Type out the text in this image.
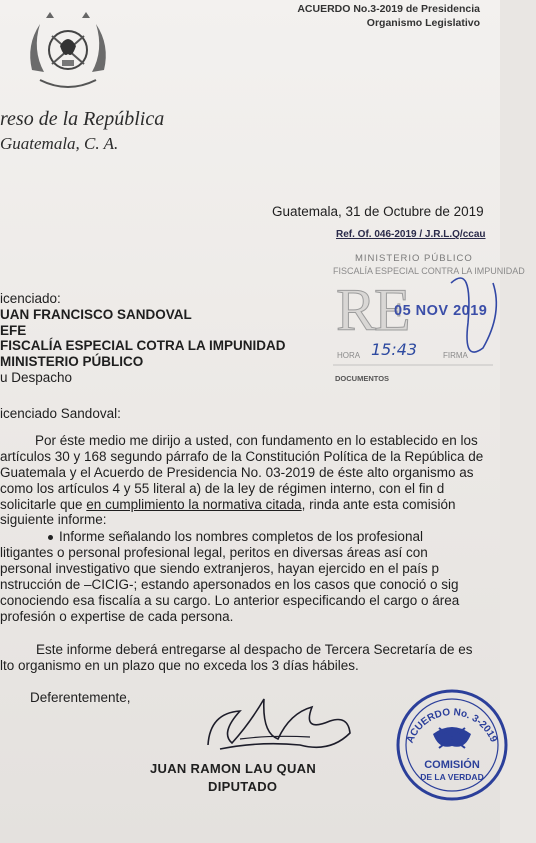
reso de la República
Guatemala, C. A.
ACUERDO No.3-2019 de Presidencia
Organismo Legislativo
Guatemala, 31 de Octubre de 2019
Ref. Of. 046-2019 / J.R.L.Q/ccau
MINISTERIO PÚBLICO
FISCALÍA ESPECIAL CONTRA LA IMPUNIDAD
RE
05 NOV 2019
HORA 15:43	FIRMA
DOCUMENTOS
icenciado:
UAN FRANCISCO SANDOVAL
EFE
FISCALÍA ESPECIAL COTRA LA IMPUNIDAD
MINISTERIO PÚBLICO
u Despacho
icenciado Sandoval:
Por éste medio me dirijo a usted, con fundamento en lo establecido en los
artículos 30 y 168 segundo párrafo de la Constitución Política de la República de
Guatemala y el Acuerdo de Presidencia No. 03-2019 de éste alto organismo as
como los artículos 4 y 55 literal a) de la ley de régimen interno, con el fin d
solicitarle que en cumplimiento la normativa citada, rinda ante esta comisión
siguiente informe:
Informe señalando los nombres completos de los profesional
litigantes o personal profesional legal, peritos en diversas áreas así con
personal investigativo que siendo extranjeros, hayan ejercido en el país p
nstrucción de –CICIG-; estando apersonados en los casos que conoció o sig
conociendo esa fiscalía a su cargo. Lo anterior especificando el cargo o área
profesión o expertise de cada persona.
Este informe deberá entregarse al despacho de Tercera Secretaría de es
lto organismo en un plazo que no exceda los 3 días hábiles.
Deferentemente,
JUAN RAMON LAU QUAN
DIPUTADO
ACUERDO No. 3-2019
COMISIÓN
DE LA VERDAD
